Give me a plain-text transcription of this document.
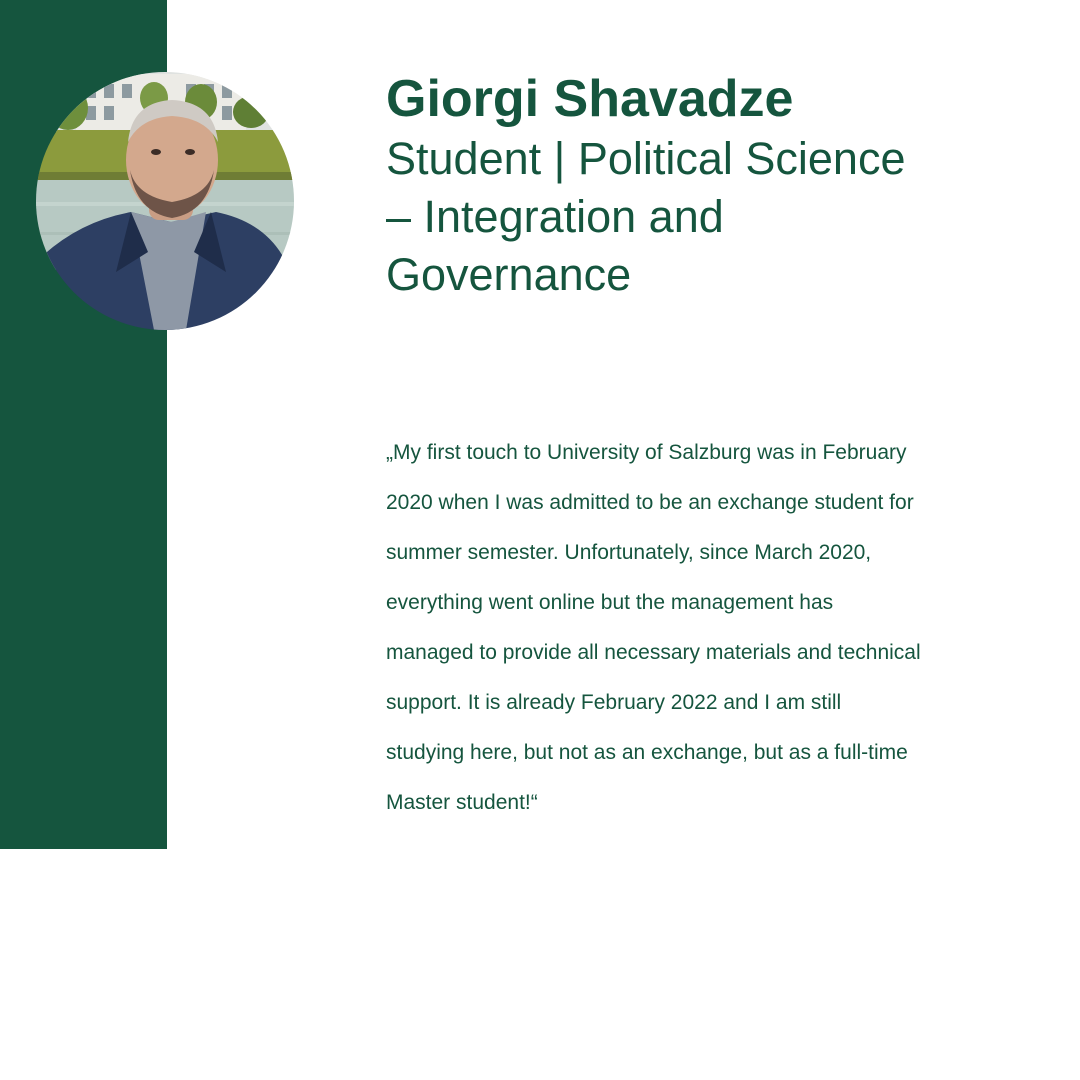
Giorgi Shavadze
Student | Political Science
– Integration and
Governance

„My first touch to University of Salzburg was in February
2020 when I was admitted to be an exchange student for
summer semester. Unfortunately, since March 2020,
everything went online but the management has
managed to provide all necessary materials and technical
support. It is already February 2022 and I am still
studying here, but not as an exchange, but as a full-time
Master student!“
